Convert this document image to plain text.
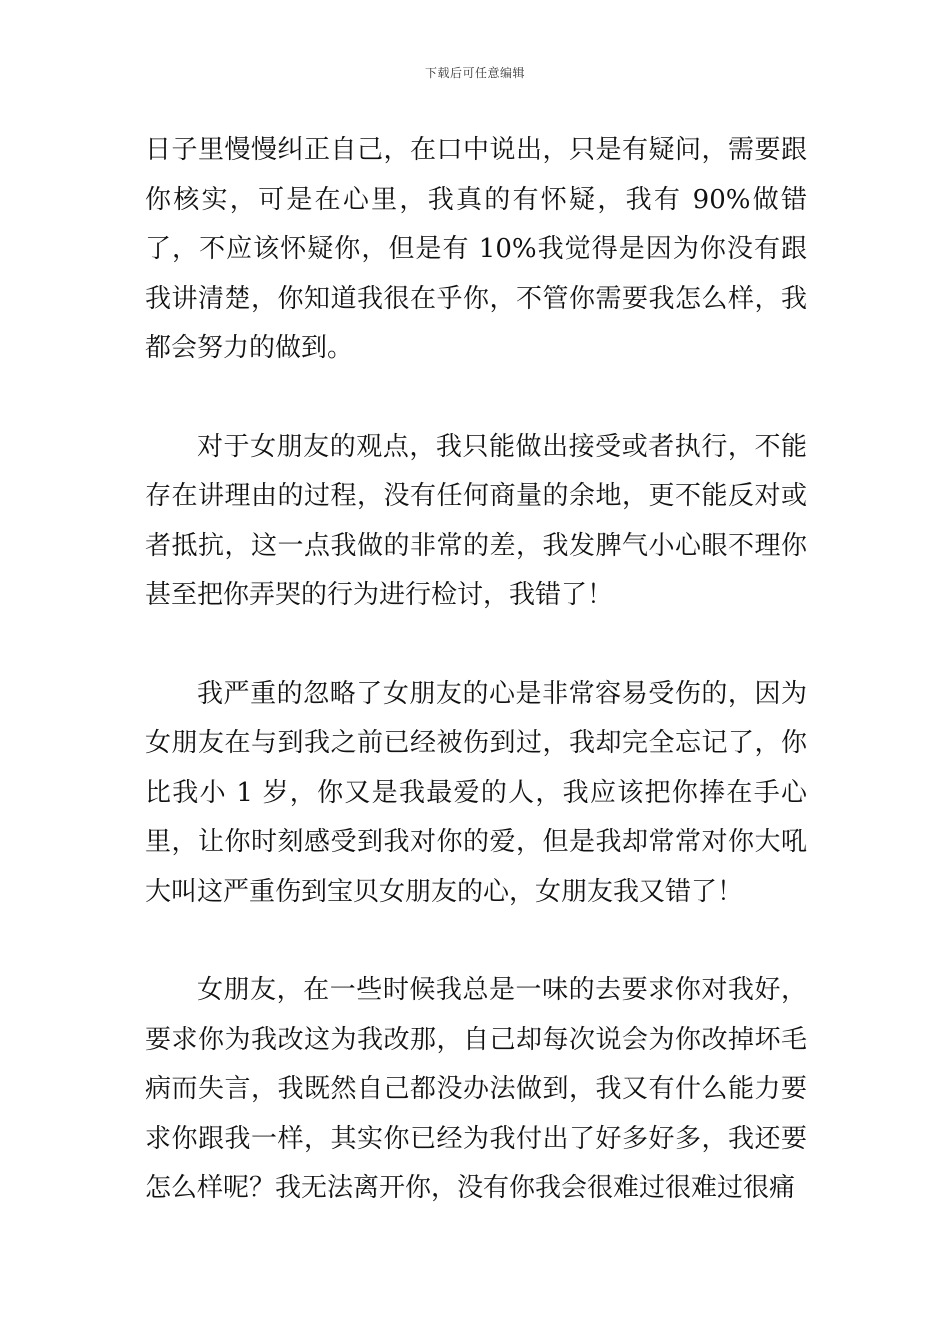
下载后可任意编辑

日子里慢慢纠正自己，在口中说出，只是有疑问，需要跟你核实，可是在心里，我真的有怀疑，我有 90%做错了，不应该怀疑你，但是有 10%我觉得是因为你没有跟我讲清楚，你知道我很在乎你，不管你需要我怎么样，我都会努力的做到。

对于女朋友的观点，我只能做出接受或者执行，不能存在讲理由的过程，没有任何商量的余地，更不能反对或者抵抗，这一点我做的非常的差，我发脾气小心眼不理你甚至把你弄哭的行为进行检讨，我错了！

我严重的忽略了女朋友的心是非常容易受伤的，因为女朋友在与到我之前已经被伤到过，我却完全忘记了，你比我小 1 岁，你又是我最爱的人，我应该把你捧在手心里，让你时刻感受到我对你的爱，但是我却常常对你大吼大叫这严重伤到宝贝女朋友的心，女朋友我又错了！

女朋友，在一些时候我总是一味的去要求你对我好，要求你为我改这为我改那，自己却每次说会为你改掉坏毛病而失言，我既然自己都没办法做到，我又有什么能力要求你跟我一样，其实你已经为我付出了好多好多，我还要怎么样呢？我无法离开你，没有你我会很难过很难过很痛
